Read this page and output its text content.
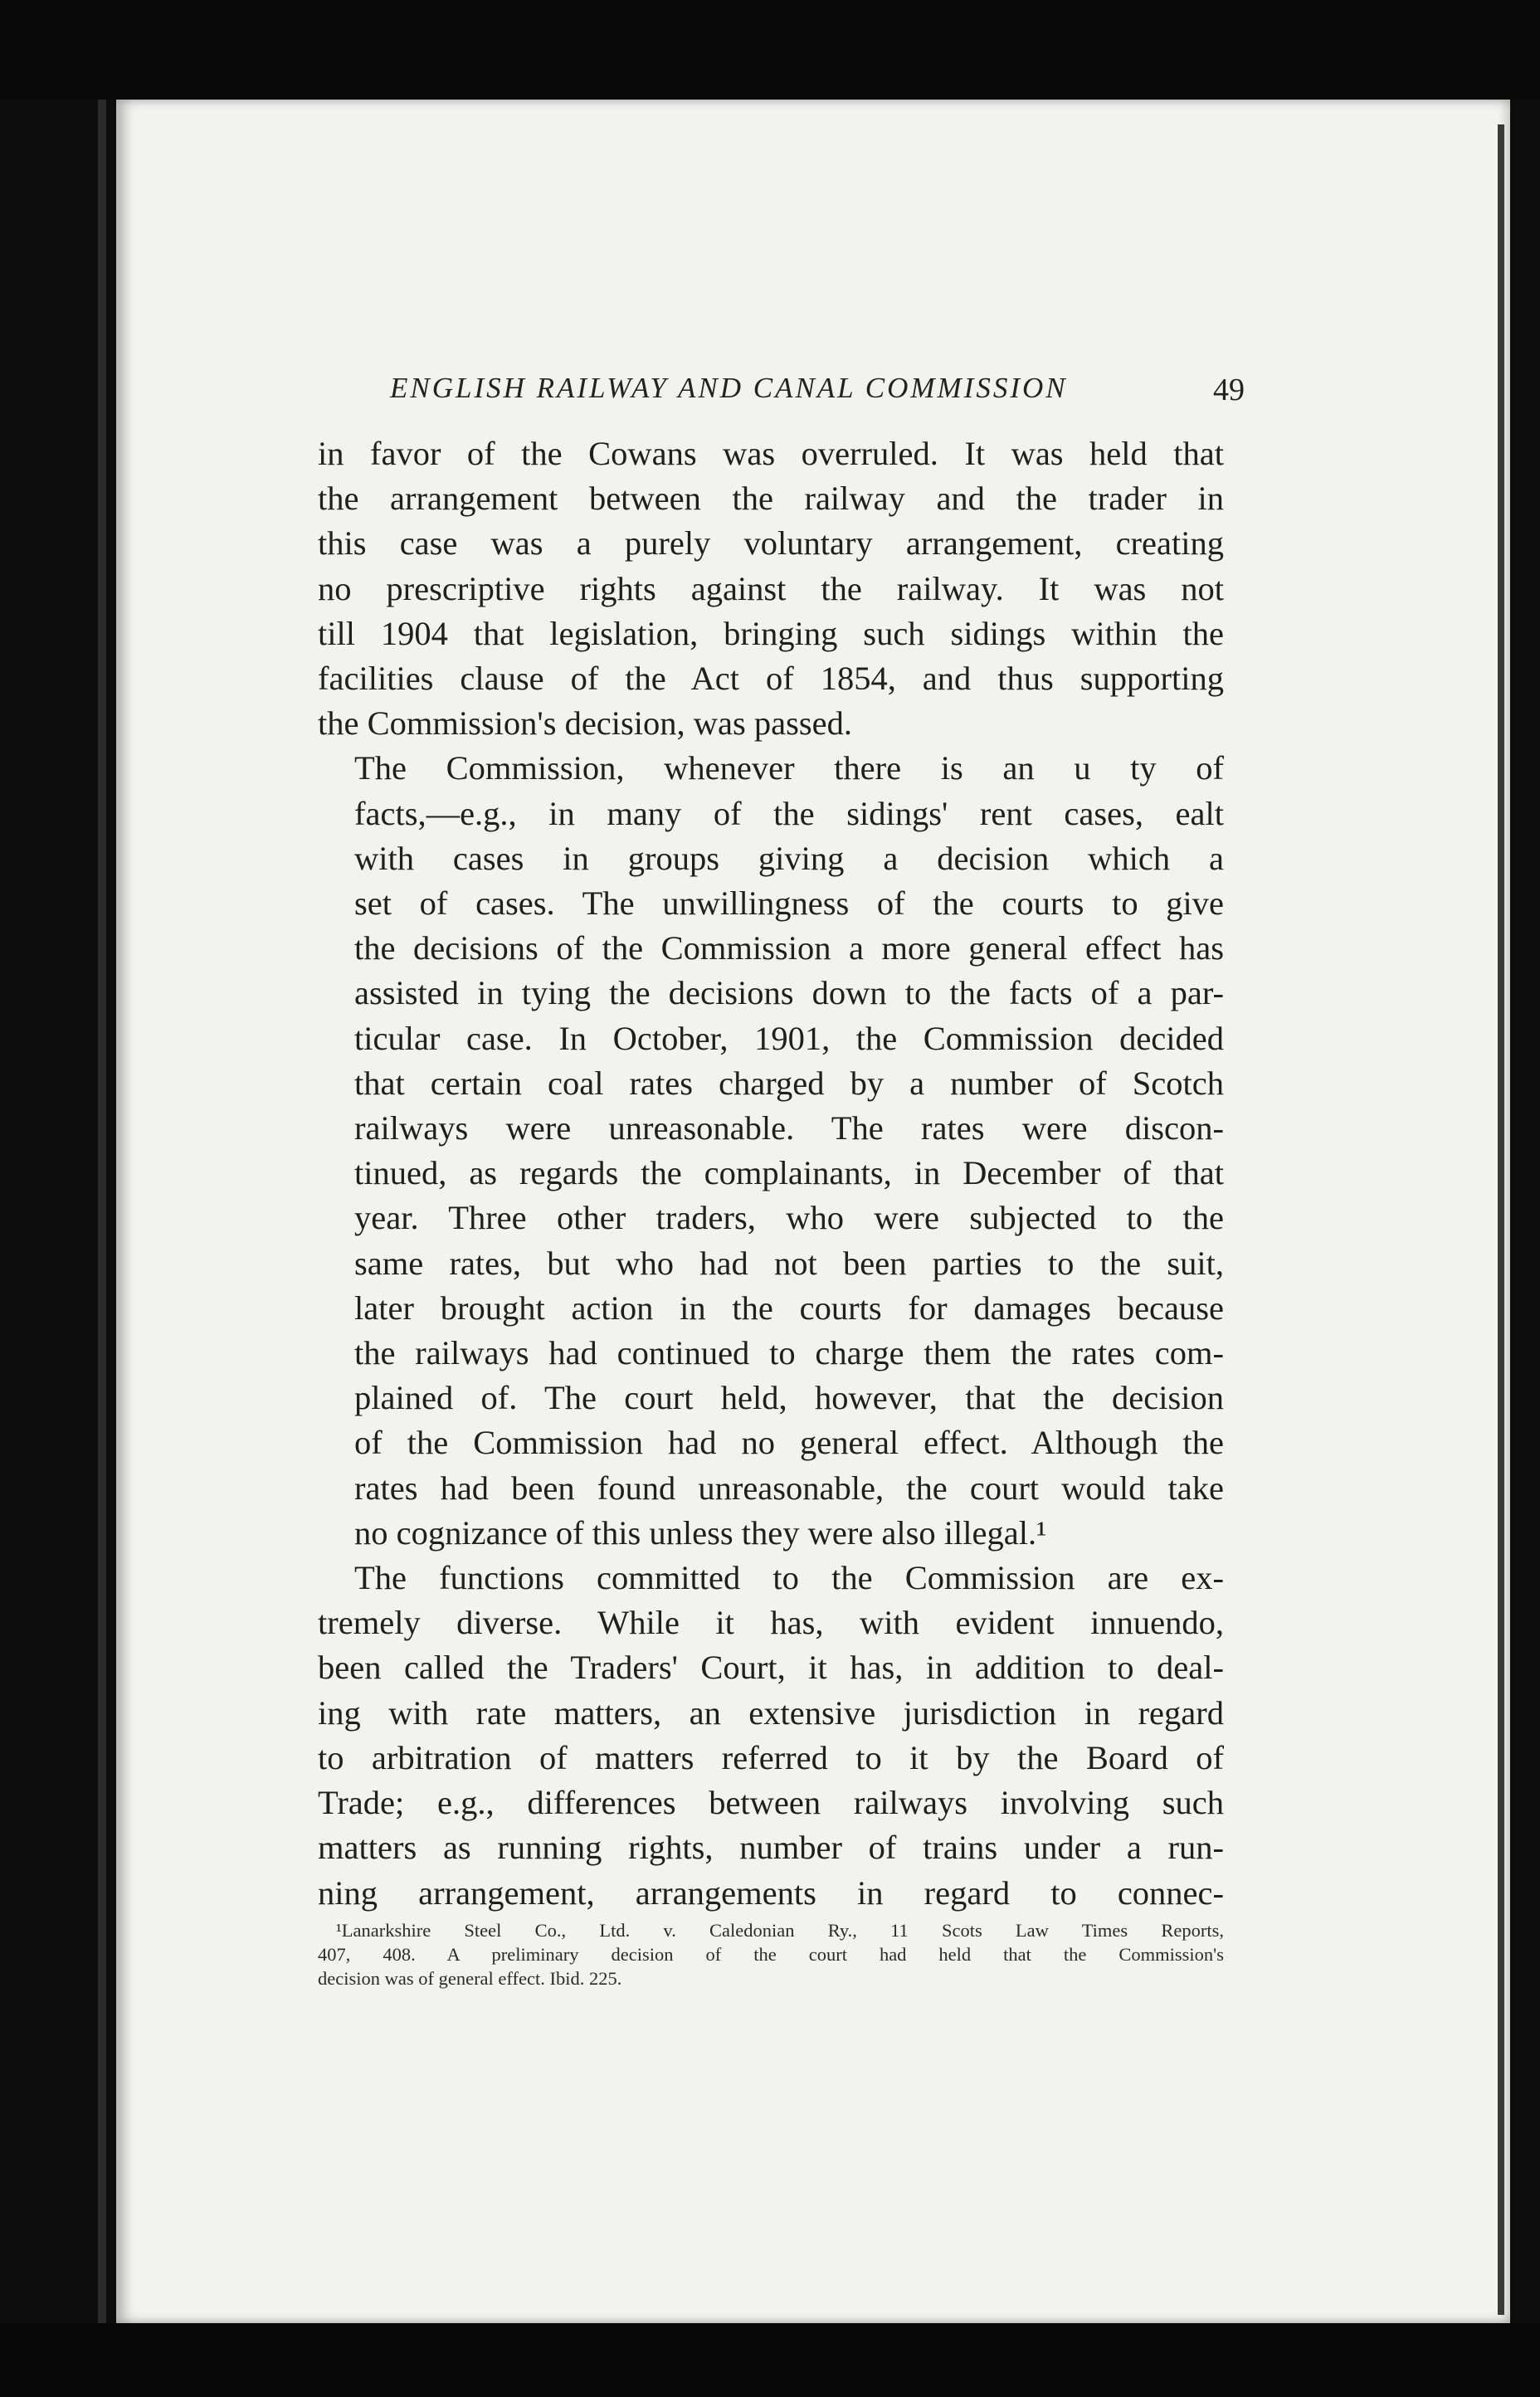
ENGLISH RAILWAY AND CANAL COMMISSION	49
in favor of the Cowans was overruled. It was held that
the arrangement between the railway and the trader in
this case was a purely voluntary arrangement, creating
no prescriptive rights against the railway. It was not
till 1904 that legislation, bringing such sidings within the
facilities clause of the Act of 1854, and thus supporting
the Commission's decision, was passed.
The Commission, whenever there is an u ty of
facts,—e.g., in many of the sidings' rent cases, ealt
with cases in groups giving a decision which a
set of cases. The unwillingness of the courts to give
the decisions of the Commission a more general effect has
assisted in tying the decisions down to the facts of a par-
ticular case. In October, 1901, the Commission decided
that certain coal rates charged by a number of Scotch
railways were unreasonable. The rates were discon-
tinued, as regards the complainants, in December of that
year. Three other traders, who were subjected to the
same rates, but who had not been parties to the suit,
later brought action in the courts for damages because
the railways had continued to charge them the rates com-
plained of. The court held, however, that the decision
of the Commission had no general effect. Although the
rates had been found unreasonable, the court would take
no cognizance of this unless they were also illegal.¹
The functions committed to the Commission are ex-
tremely diverse. While it has, with evident innuendo,
been called the Traders' Court, it has, in addition to deal-
ing with rate matters, an extensive jurisdiction in regard
to arbitration of matters referred to it by the Board of
Trade; e.g., differences between railways involving such
matters as running rights, number of trains under a run-
ning arrangement, arrangements in regard to connec-
¹Lanarkshire Steel Co., Ltd. v. Caledonian Ry., 11 Scots Law Times Reports,
407, 408. A preliminary decision of the court had held that the Commission's
decision was of general effect. Ibid. 225.
